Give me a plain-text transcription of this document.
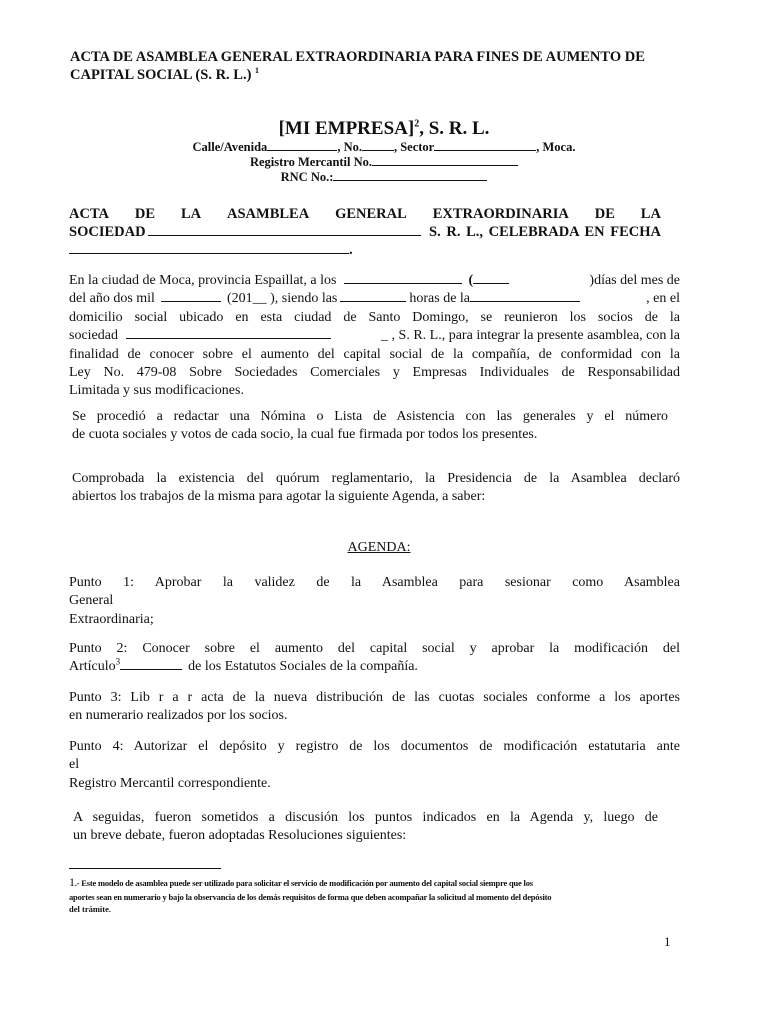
ACTA DE ASAMBLEA GENERAL EXTRAORDINARIA PARA FINES DE AUMENTO DE
CAPITAL SOCIAL (S. R. L.) $^1$
[MI EMPRESA]$^2$, S. R. L.
Calle/Avenida	, No.	, Sector	, Moca.
Registro Mercantil No.
RNC No.:
ACTA DE LA ASAMBLEA GENERAL EXTRAORDINARIA DE LA
SOCIEDAD	S. R. L., CELEBRADA EN FECHA
.
En la ciudad de Moca, provincia Espaillat, a los	(	)días del mes de
del año dos mil	(201__ ), siendo las	horas de la	, en el
domicilio social ubicado en esta ciudad de Santo Domingo, se reunieron los socios de la
sociedad	_ , S. R. L., para integrar la presente asamblea, con la
finalidad de conocer sobre el aumento del capital social de la compañía, de conformidad con la
Ley No. 479-08 Sobre Sociedades Comerciales y Empresas Individuales de Responsabilidad
Limitada y sus modificaciones.
Se procedió a redactar una Nómina o Lista de Asistencia con las generales y el número
de cuota sociales y votos de cada socio, la cual fue firmada por todos los presentes.
Comprobada la existencia del quórum reglamentario, la Presidencia de la Asamblea declaró
abiertos los trabajos de la misma para agotar la siguiente Agenda, a saber:
AGENDA:
Punto 1: Aprobar la validez de la Asamblea para sesionar como Asamblea
General
Extraordinaria;
Punto 2: Conocer sobre el aumento del capital social y aprobar la modificación del
Artículo$^3$	de los Estatutos Sociales de la compañía.
Punto 3: Lib r a r acta de la nueva distribución de las cuotas sociales conforme a los aportes
en numerario realizados por los socios.
Punto 4: Autorizar el depósito y registro de los documentos de modificación estatutaria ante
el
Registro Mercantil correspondiente.
A seguidas, fueron sometidos a discusión los puntos indicados en la Agenda y, luego de
un breve debate, fueron adoptadas Resoluciones siguientes:
1.- Este modelo de asamblea puede ser utilizado para solicitar el servicio de modificación por aumento del capital social siempre que los
aportes sean en numerario y bajo la observancia de los demás requisitos de forma que deben acompañar la solicitud al momento del depósito
del trámite.
1
